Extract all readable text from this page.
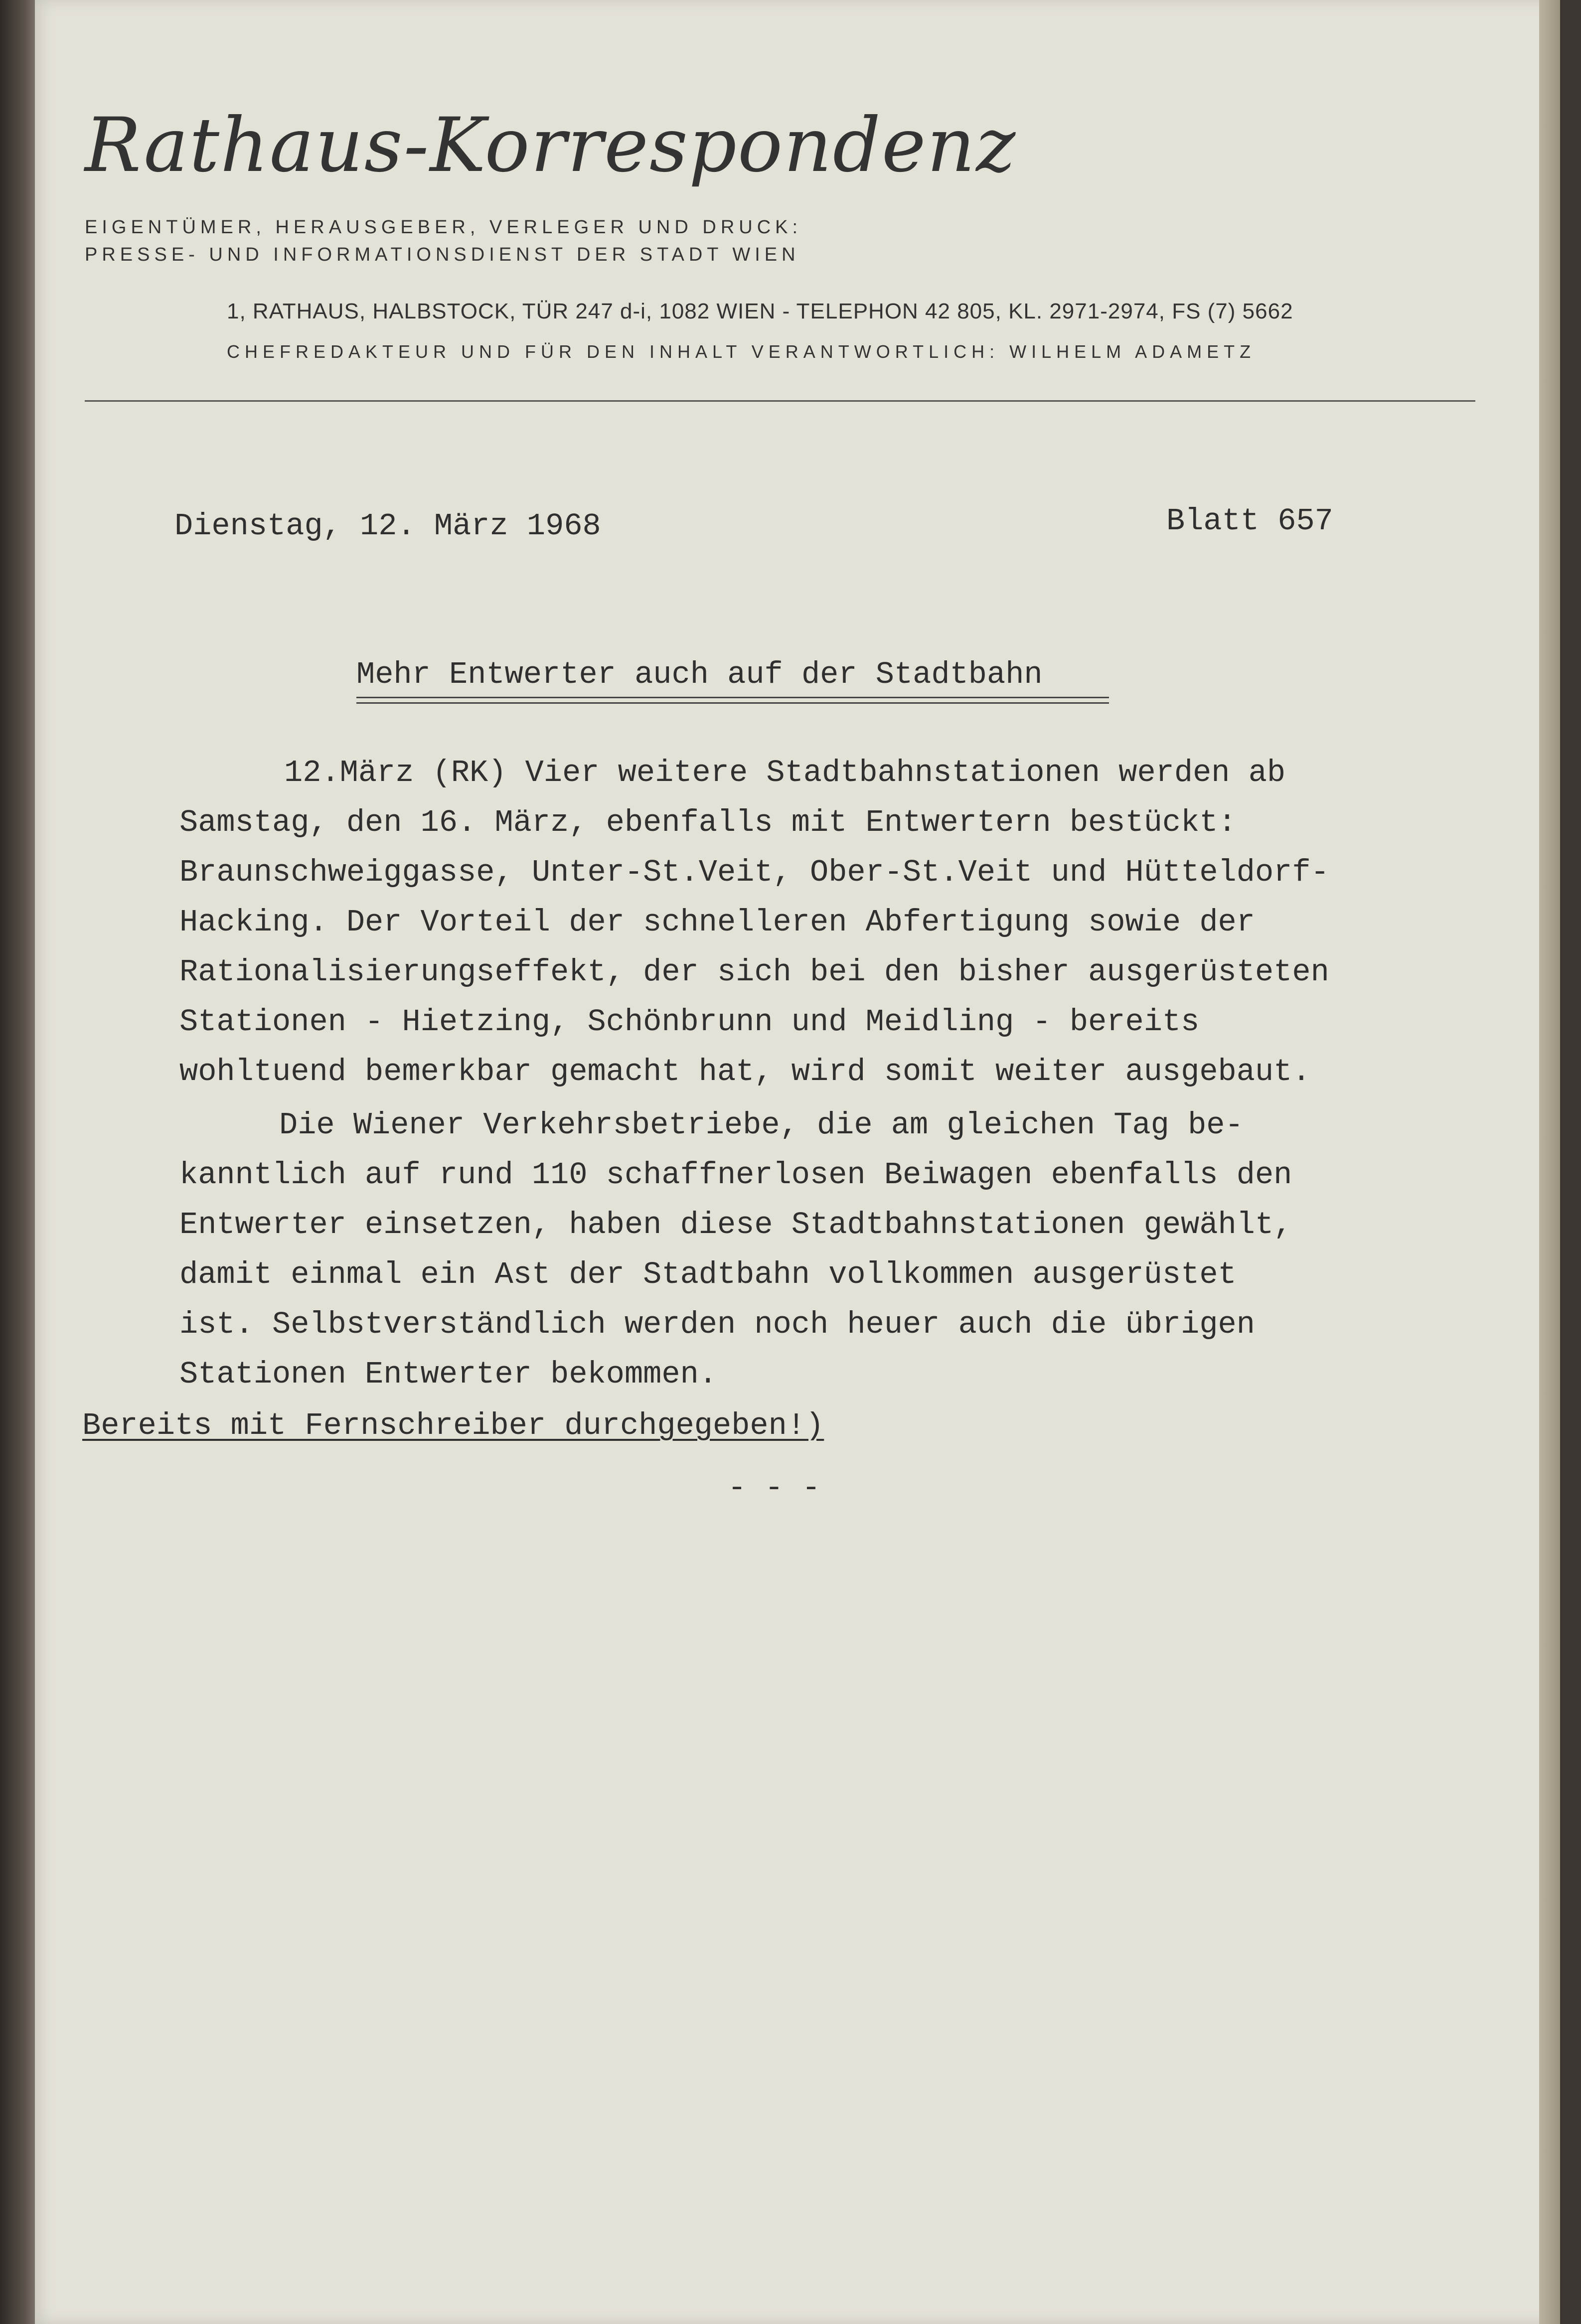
Rathaus-Korrespondenz
EIGENTÜMER, HERAUSGEBER, VERLEGER UND DRUCK:
PRESSE- UND INFORMATIONSDIENST DER STADT WIEN
1, RATHAUS, HALBSTOCK, TÜR 247 d-i, 1082 WIEN - TELEPHON 42 805, KL. 2971-2974, FS (7) 5662
CHEFREDAKTEUR UND FÜR DEN INHALT VERANTWORTLICH: WILHELM ADAMETZ
Dienstag, 12. März 1968	Blatt 657
Mehr Entwerter auch auf der Stadtbahn
12.März (RK) Vier weitere Stadtbahnstationen werden ab
Samstag, den 16. März, ebenfalls mit Entwertern bestückt:
Braunschweiggasse, Unter-St.Veit, Ober-St.Veit und Hütteldorf-
Hacking. Der Vorteil der schnelleren Abfertigung sowie der
Rationalisierungseffekt, der sich bei den bisher ausgerüsteten
Stationen - Hietzing, Schönbrunn und Meidling - bereits
wohltuend bemerkbar gemacht hat, wird somit weiter ausgebaut.
Die Wiener Verkehrsbetriebe, die am gleichen Tag be-
kanntlich auf rund 110 schaffnerlosen Beiwagen ebenfalls den
Entwerter einsetzen, haben diese Stadtbahnstationen gewählt,
damit einmal ein Ast der Stadtbahn vollkommen ausgerüstet
ist. Selbstverständlich werden noch heuer auch die übrigen
Stationen Entwerter bekommen.
Bereits mit Fernschreiber durchgegeben!)
- - -
